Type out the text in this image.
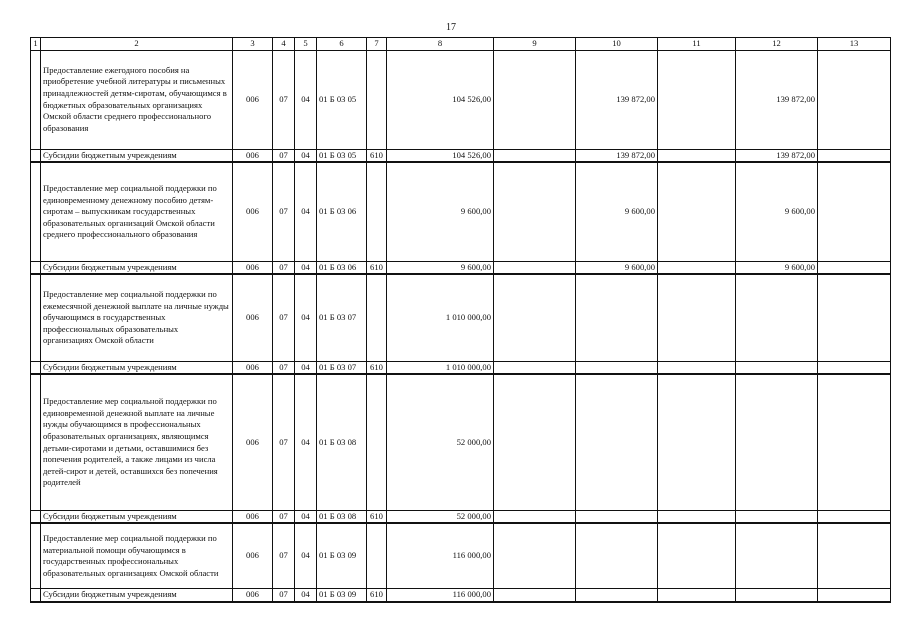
17
1	2	3	4	5	6	7	8	9	10	11	12	13
	Предоставление ежегодного пособия на приобретение учебной литературы и письменных принадлежностей детям-сиротам, обучающимся в бюджетных образовательных организациях Омской области среднего профессионального образования	006	07	04	01 Б 03 05		104 526,00		139 872,00		139 872,00	
	Субсидии бюджетным учреждениям	006	07	04	01 Б 03 05	610	104 526,00		139 872,00		139 872,00	
	Предоставление мер социальной поддержки по единовременному денежному пособию детям-сиротам – выпускникам государственных образовательных организаций Омской области среднего профессионального образования	006	07	04	01 Б 03 06		9 600,00		9 600,00		9 600,00	
	Субсидии бюджетным учреждениям	006	07	04	01 Б 03 06	610	9 600,00		9 600,00		9 600,00	
	Предоставление мер социальной поддержки по ежемесячной денежной выплате на личные нужды обучающимся в государственных профессиональных образовательных организациях Омской области	006	07	04	01 Б 03 07		1 010 000,00					
	Субсидии бюджетным учреждениям	006	07	04	01 Б 03 07	610	1 010 000,00					
	Предоставление мер социальной поддержки по единовременной денежной выплате на личные нужды обучающимся в профессиональных образовательных организациях, являющимся детьми-сиротами и детьми, оставшимися без попечения родителей, а также лицами из числа детей-сирот и детей, оставшихся без попечения родителей	006	07	04	01 Б 03 08		52 000,00					
	Субсидии бюджетным учреждениям	006	07	04	01 Б 03 08	610	52 000,00					
	Предоставление мер социальной поддержки по материальной помощи обучающимся в государственных профессиональных образовательных организациях Омской области	006	07	04	01 Б 03 09		116 000,00					
	Субсидии бюджетным учреждениям	006	07	04	01 Б 03 09	610	116 000,00					
